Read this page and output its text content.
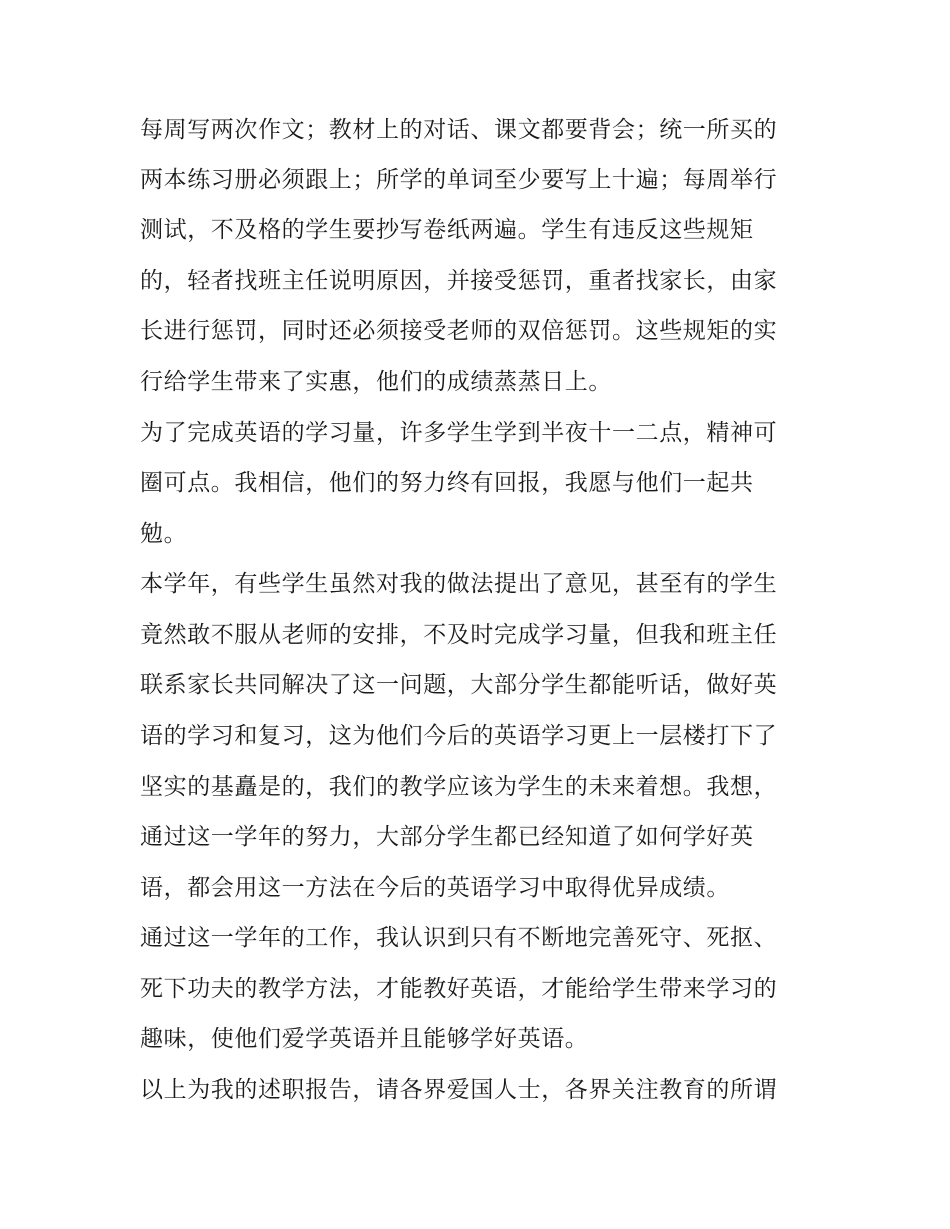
每周写两次作文；教材上的对话、课文都要背会；统一所买的
两本练习册必须跟上；所学的单词至少要写上十遍；每周举行
测试，不及格的学生要抄写卷纸两遍。学生有违反这些规矩
的，轻者找班主任说明原因，并接受惩罚，重者找家长，由家
长进行惩罚，同时还必须接受老师的双倍惩罚。这些规矩的实
行给学生带来了实惠，他们的成绩蒸蒸日上。
为了完成英语的学习量，许多学生学到半夜十一二点，精神可
圈可点。我相信，他们的努力终有回报，我愿与他们一起共
勉。
本学年，有些学生虽然对我的做法提出了意见，甚至有的学生
竟然敢不服从老师的安排，不及时完成学习量，但我和班主任
联系家长共同解决了这一问题，大部分学生都能听话，做好英
语的学习和复习，这为他们今后的英语学习更上一层楼打下了
坚实的基矗是的，我们的教学应该为学生的未来着想。我想，
通过这一学年的努力，大部分学生都已经知道了如何学好英
语，都会用这一方法在今后的英语学习中取得优异成绩。
通过这一学年的工作，我认识到只有不断地完善死守、死抠、
死下功夫的教学方法，才能教好英语，才能给学生带来学习的
趣味，使他们爱学英语并且能够学好英语。
以上为我的述职报告，请各界爱国人士，各界关注教育的所谓
